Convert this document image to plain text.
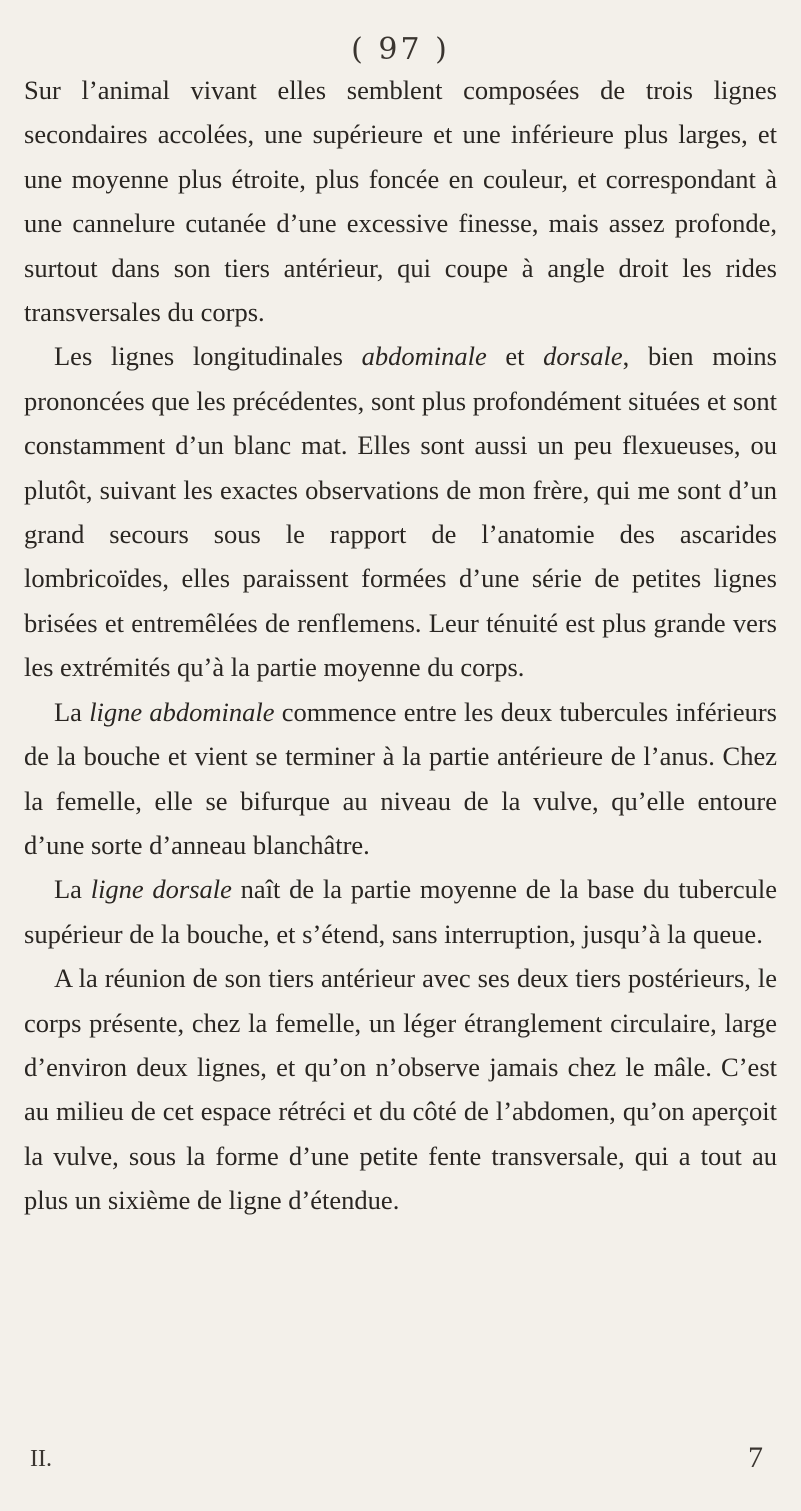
( 97 )

Sur l’animal vivant elles semblent composées de trois lignes secondaires accolées, une supérieure et une inférieure plus larges, et une moyenne plus étroite, plus foncée en couleur, et correspondant à une cannelure cutanée d’une excessive finesse, mais assez profonde, surtout dans son tiers antérieur, qui coupe à angle droit les rides transversales du corps.

Les lignes longitudinales abdominale et dorsale, bien moins prononcées que les précédentes, sont plus profondément situées et sont constamment d’un blanc mat. Elles sont aussi un peu flexueuses, ou plutôt, suivant les exactes observations de mon frère, qui me sont d’un grand secours sous le rapport de l’anatomie des ascarides lombricoïdes, elles paraissent formées d’une série de petites lignes brisées et entremêlées de renflemens. Leur ténuité est plus grande vers les extrémités qu’à la partie moyenne du corps.

La ligne abdominale commence entre les deux tubercules inférieurs de la bouche et vient se terminer à la partie antérieure de l’anus. Chez la femelle, elle se bifurque au niveau de la vulve, qu’elle entoure d’une sorte d’anneau blanchâtre.

La ligne dorsale naît de la partie moyenne de la base du tubercule supérieur de la bouche, et s’étend, sans interruption, jusqu’à la queue.

A la réunion de son tiers antérieur avec ses deux tiers postérieurs, le corps présente, chez la femelle, un léger étranglement circulaire, large d’environ deux lignes, et qu’on n’observe jamais chez le mâle. C’est au milieu de cet espace rétréci et du côté de l’abdomen, qu’on aperçoit la vulve, sous la forme d’une petite fente transversale, qui a tout au plus un sixième de ligne d’étendue.

II.	7
